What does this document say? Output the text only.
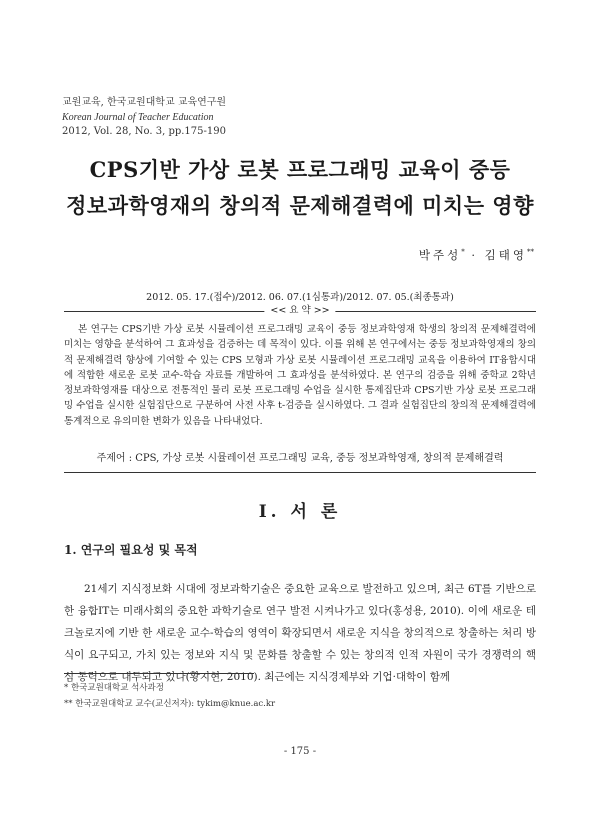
교원교육, 한국교원대학교 교육연구원
Korean Journal of Teacher Education
2012, Vol. 28, No. 3, pp.175-190
CPS기반 가상 로봇 프로그래밍 교육이 중등
정보과학영재의 창의적 문제해결력에 미치는 영향
박주성* · 김태영**
2012. 05. 17.(접수)/2012. 06. 07.(1심통과)/2012. 07. 05.(최종통과)
<< 요 약 >>

본 연구는 CPS기반 가상 로봇 시뮬레이션 프로그래밍 교육이 중등 정보과학영재 학생의 창의적 문제해결력에 미치는 영향을 분석하여 그 효과성을 검증하는 데 목적이 있다. 이를 위해 본 연구에서는 중등 정보과학영재의 창의적 문제해결력 향상에 기여할 수 있는 CPS 모형과 가상 로봇 시뮬레이션 프로그래밍 교육을 이용하여 IT융합시대에 적합한 새로운 로봇 교수-학습 자료를 개발하여 그 효과성을 분석하였다. 본 연구의 검증을 위해 중학교 2학년 정보과학영재를 대상으로 전통적인 물리 로봇 프로그래밍 수업을 실시한 통제집단과 CPS기반 가상 로봇 프로그래밍 수업을 실시한 실험집단으로 구분하여 사전 사후 t-검증을 실시하였다. 그 결과 실험집단의 창의적 문제해결력에 통계적으로 유의미한 변화가 있음을 나타내었다.

주제어 : CPS, 가상 로봇 시뮬레이션 프로그래밍 교육, 중등 정보과학영재, 창의적 문제해결력
Ⅰ. 서 론
1. 연구의 필요성 및 목적

21세기 지식정보화 시대에 정보과학기술은 중요한 교육으로 발전하고 있으며, 최근 6T를 기반으로 한 융합IT는 미래사회의 중요한 과학기술로 연구 발전 시켜나가고 있다(홍성용, 2010). 이에 새로운 테크놀로지에 기반 한 새로운 교수-학습의 영역이 확장되면서 새로운 지식을 창의적으로 창출하는 처리 방식이 요구되고, 가치 있는 정보와 지식 및 문화를 창출할 수 있는 창의적 인적 자원이 국가 경쟁력의 핵심 동력으로 대두되고 있다(황지현, 2010). 최근에는 지식경제부와 기업·대학이 함께

* 한국교원대학교 석사과정
** 한국교원대학교 교수(교신저자): tykim@knue.ac.kr
- 175 -
